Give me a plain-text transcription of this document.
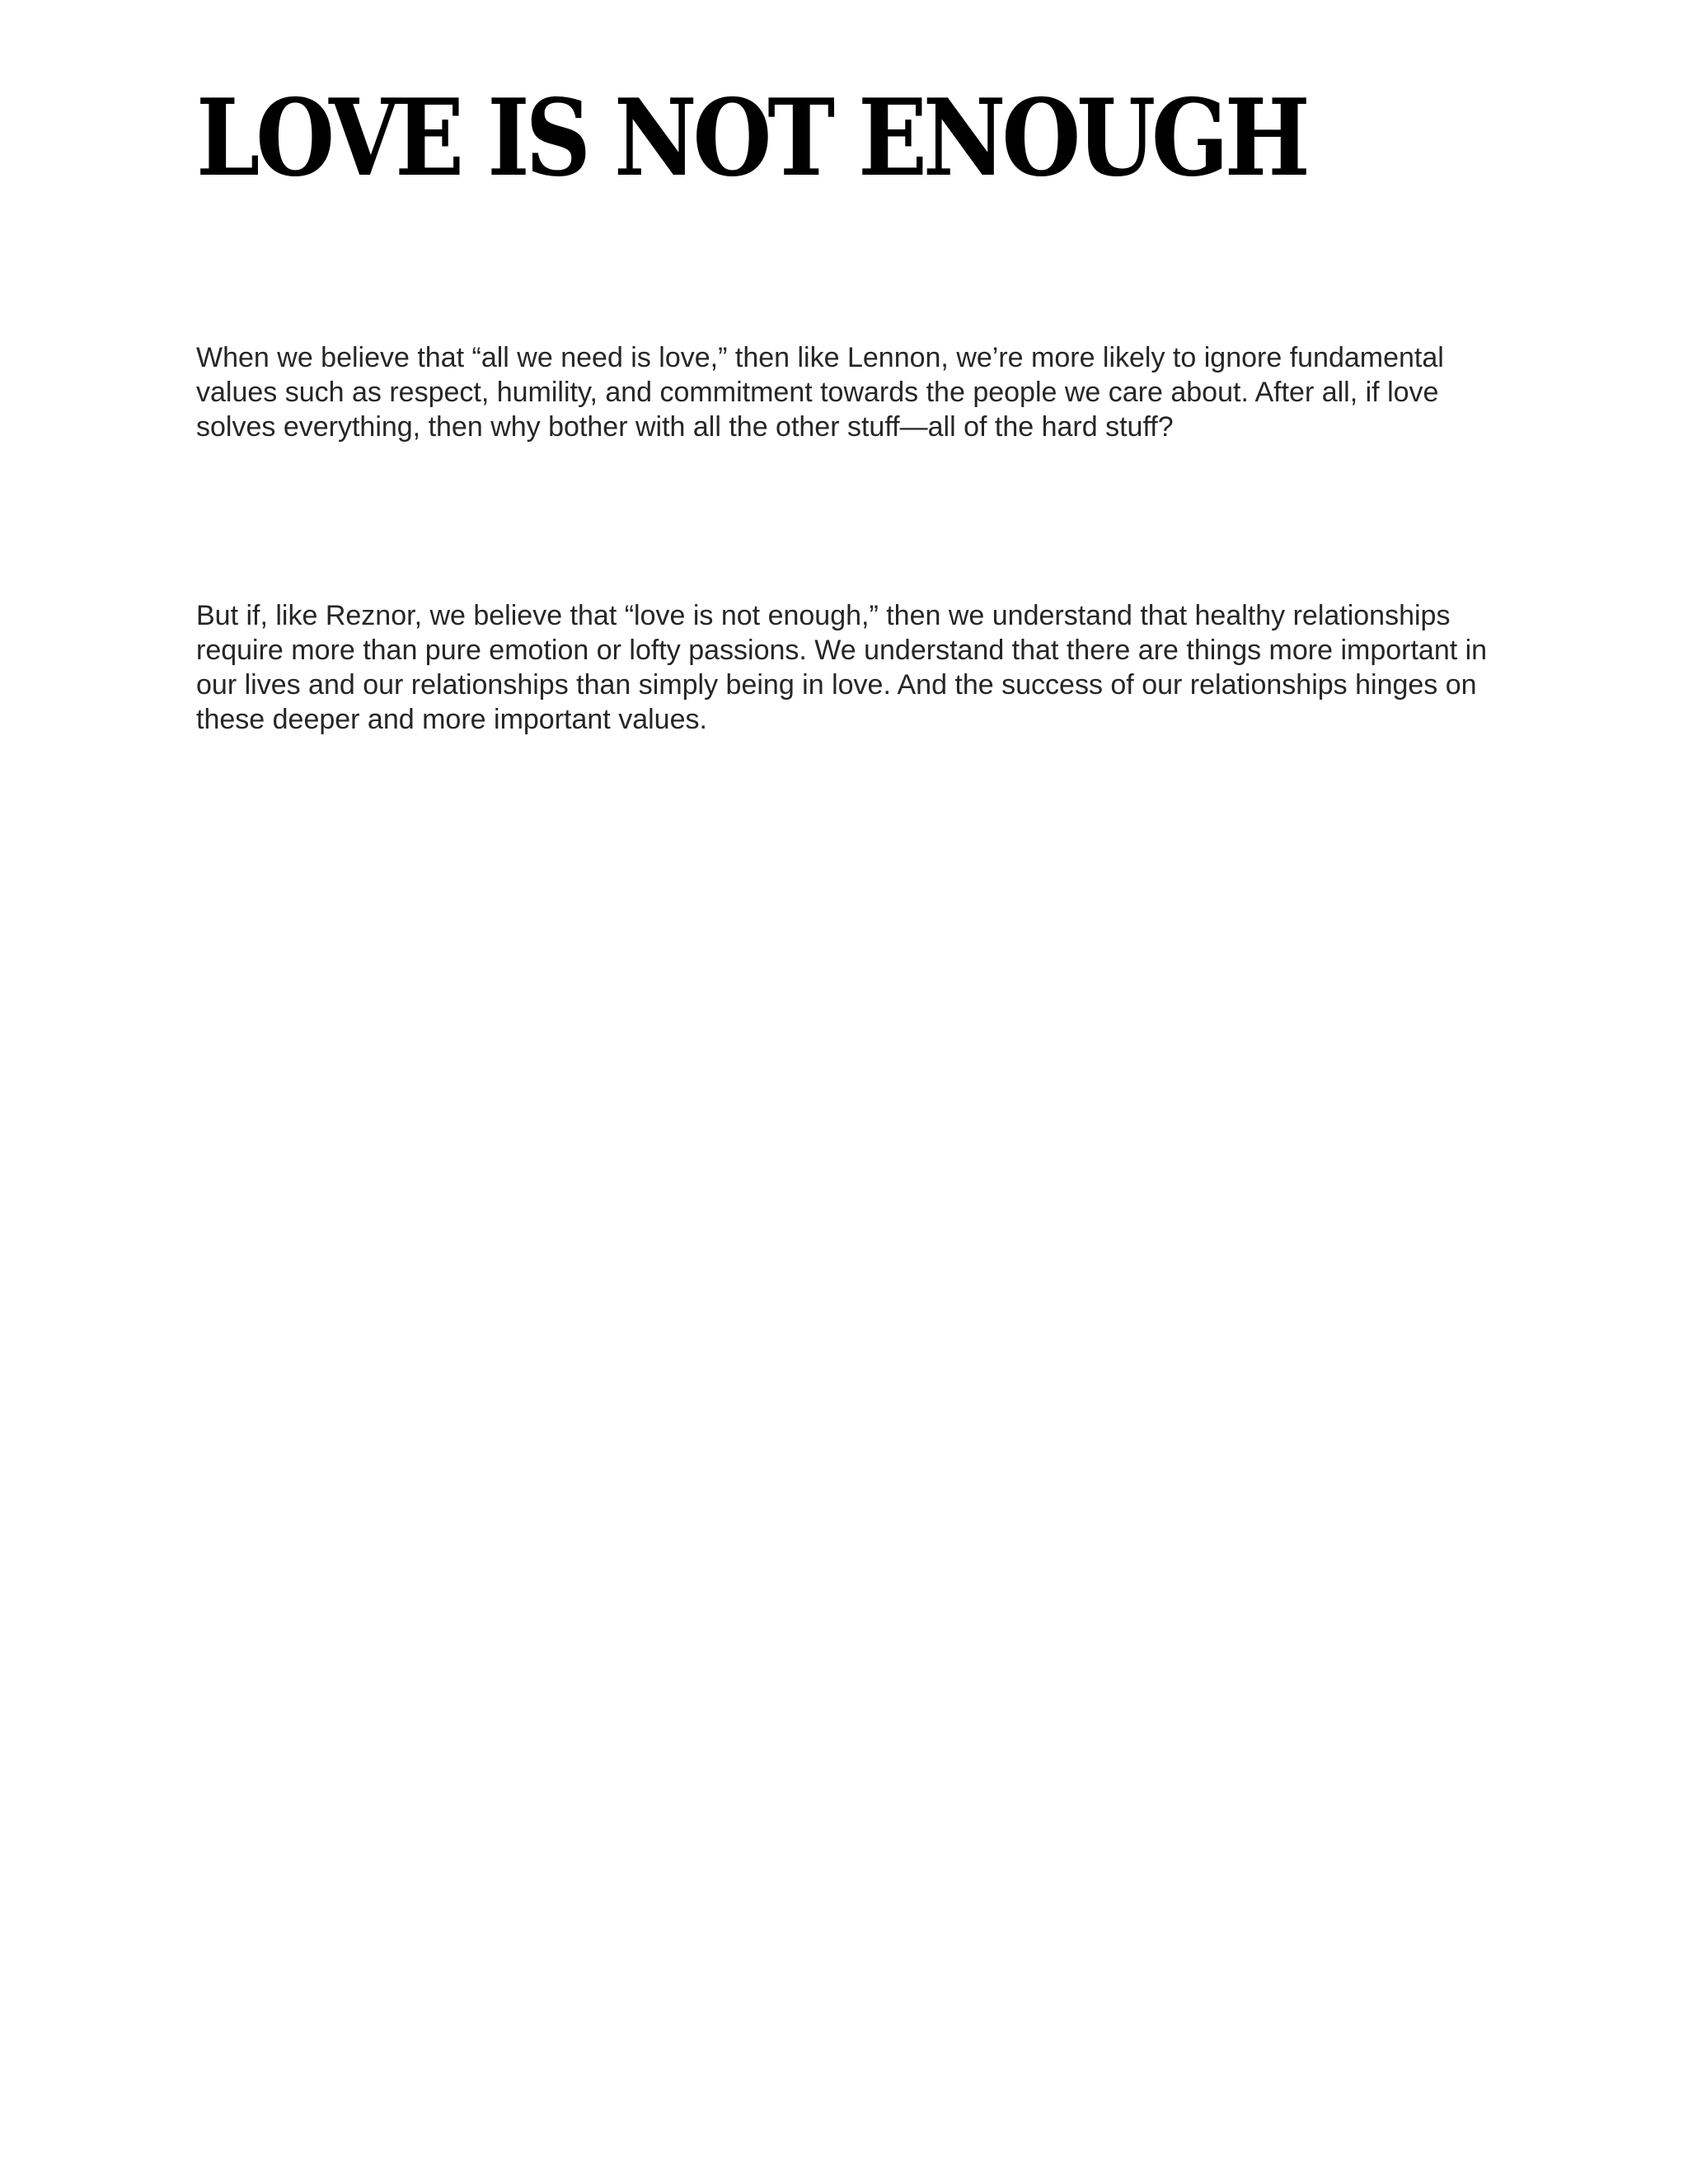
LOVE IS NOT ENOUGH

When we believe that “all we need is love,” then like Lennon, we’re more likely to ignore fundamental values such as respect, humility, and commitment towards the people we care about. After all, if love solves everything, then why bother with all the other stuff—all of the hard stuff?

But if, like Reznor, we believe that “love is not enough,” then we understand that healthy relationships require more than pure emotion or lofty passions. We understand that there are things more important in our lives and our relationships than simply being in love. And the success of our relationships hinges on these deeper and more important values.
